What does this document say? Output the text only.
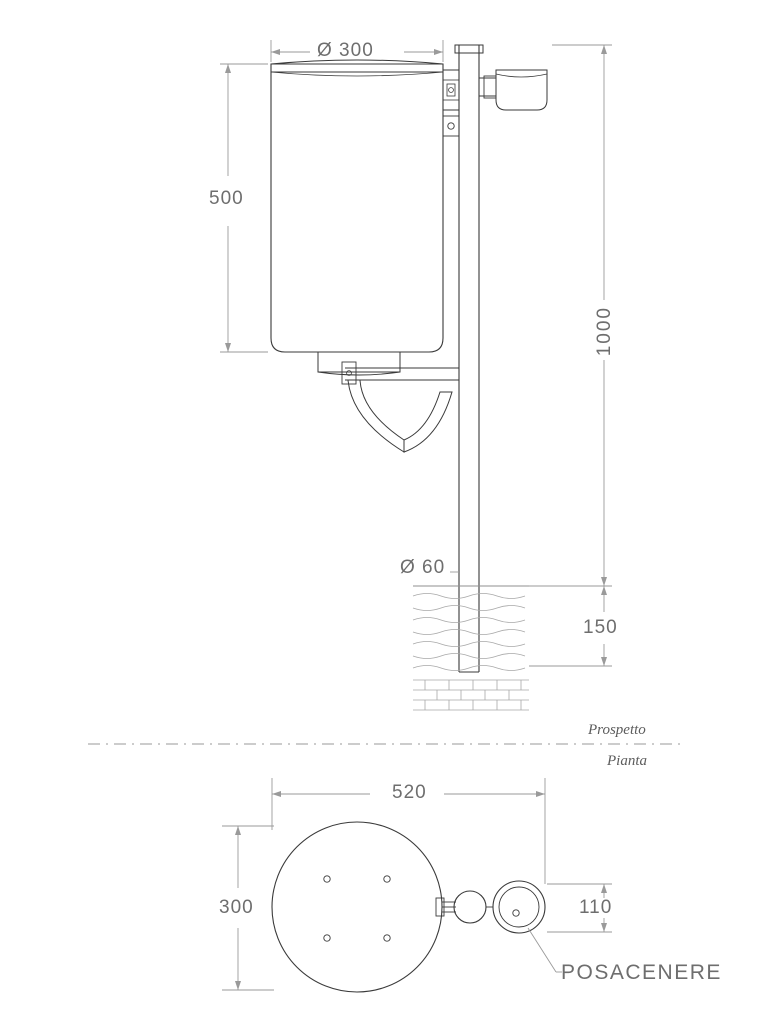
Ø 300
500
1000
Ø 60
150
520
300	110
Prospetto
Pianta
POSACENERE
